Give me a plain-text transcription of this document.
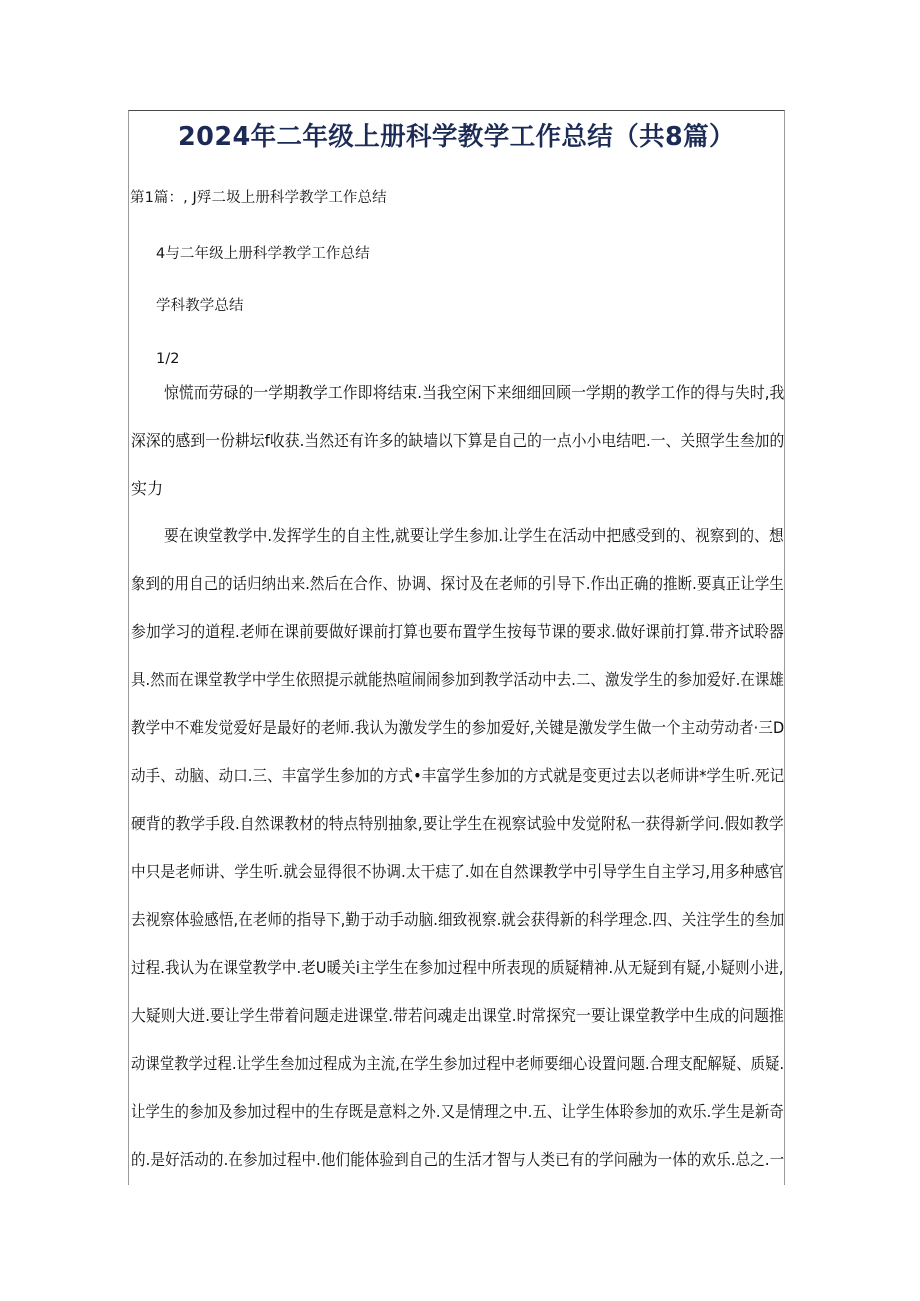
2024年二年级上册科学教学工作总结（共8篇）
第1篇：, J殍二圾上册科学教学工作总结
4与二年级上册科学教学工作总结
学科教学总结
1/2
惊慌而劳碌的一学期教学工作即将结束.当我空闲下来细细回顾一学期的教学工作的得与失时,我
深深的感到一份耕坛f收获.当然还有许多的缺墙以下算是自己的一点小小电结吧.一、关照学生叁加的
实力
要在谀堂教学中.发挥学生的自主性,就要让学生参加.让学生在活动中把感受到的、视察到的、想
象到的用自己的话归纳出来.然后在合作、协调、探讨及在老师的引导下.作出正确的推断.要真正让学生
参加学习的道程.老师在课前要做好课前打算也要布置学生按每节课的要求.做好课前打算.带齐试聆器
具.然而在课堂教学中学生依照提示就能热喧闹闹参加到教学活动中去.二、激发学生的参加爱好.在课雄
教学中不难发觉爱好是最好的老师.我认为激发学生的参加爱好,关键是激发学生做一个主动劳动者·三D
动手、动脑、动口.三、丰富学生参加的方式•丰富学生参加的方式就是变更过去以老师讲*学生听.死记
硬背的教学手段.自然课教材的特点特别抽象,要让学生在视察试验中发觉附私一获得新学问.假如教学
中只是老师讲、学生听.就会显得很不协调.太干痣了.如在自然课教学中引导学生自主学习,用多种感官
去视察体验感悟,在老师的指导下,勤于动手动脑.细致视察.就会获得新的科学理念.四、关注学生的叁加
过程.我认为在课堂教学中.老U暖关i主学生在参加过程中所表现的质疑精神.从无疑到有疑,小疑则小进,
大疑则大迸.要让学生带着问题走进课堂.带若问魂走出课堂.时常探究一要让课堂教学中生成的问题推
动课堂教学过程.让学生叁加过程成为主流,在学生参加过程中老师要细心设置问题.合理支配解疑、质疑.
让学生的参加及参加过程中的生存既是意料之外.又是情理之中.五、让学生体聆参加的欢乐.学生是新奇
的.是好活动的.在参加过程中.他们能体验到自己的生活才智与人类已有的学问融为一体的欢乐.总之.一
